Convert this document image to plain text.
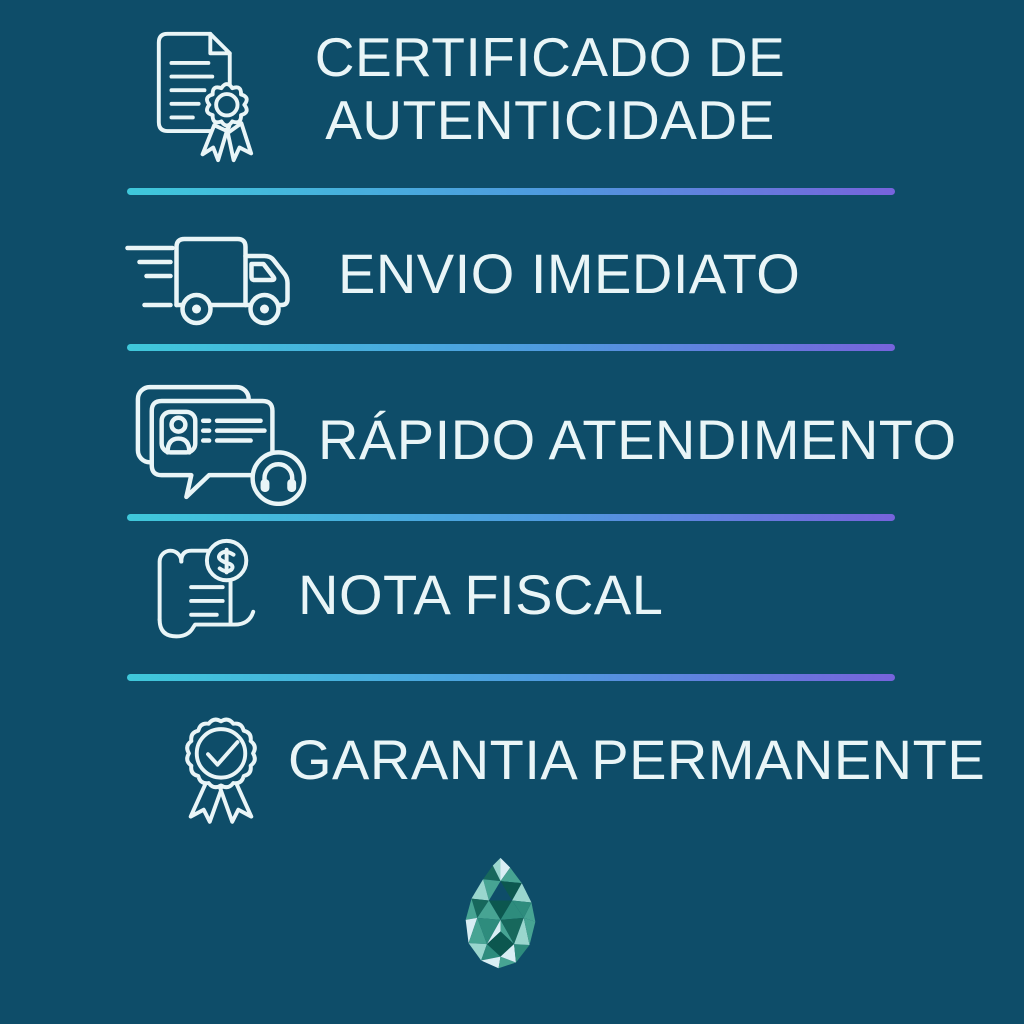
CERTIFICADO DE
AUTENTICIDADE
ENVIO IMEDIATO
RÁPIDO ATENDIMENTO
NOTA FISCAL
GARANTIA PERMANENTE
